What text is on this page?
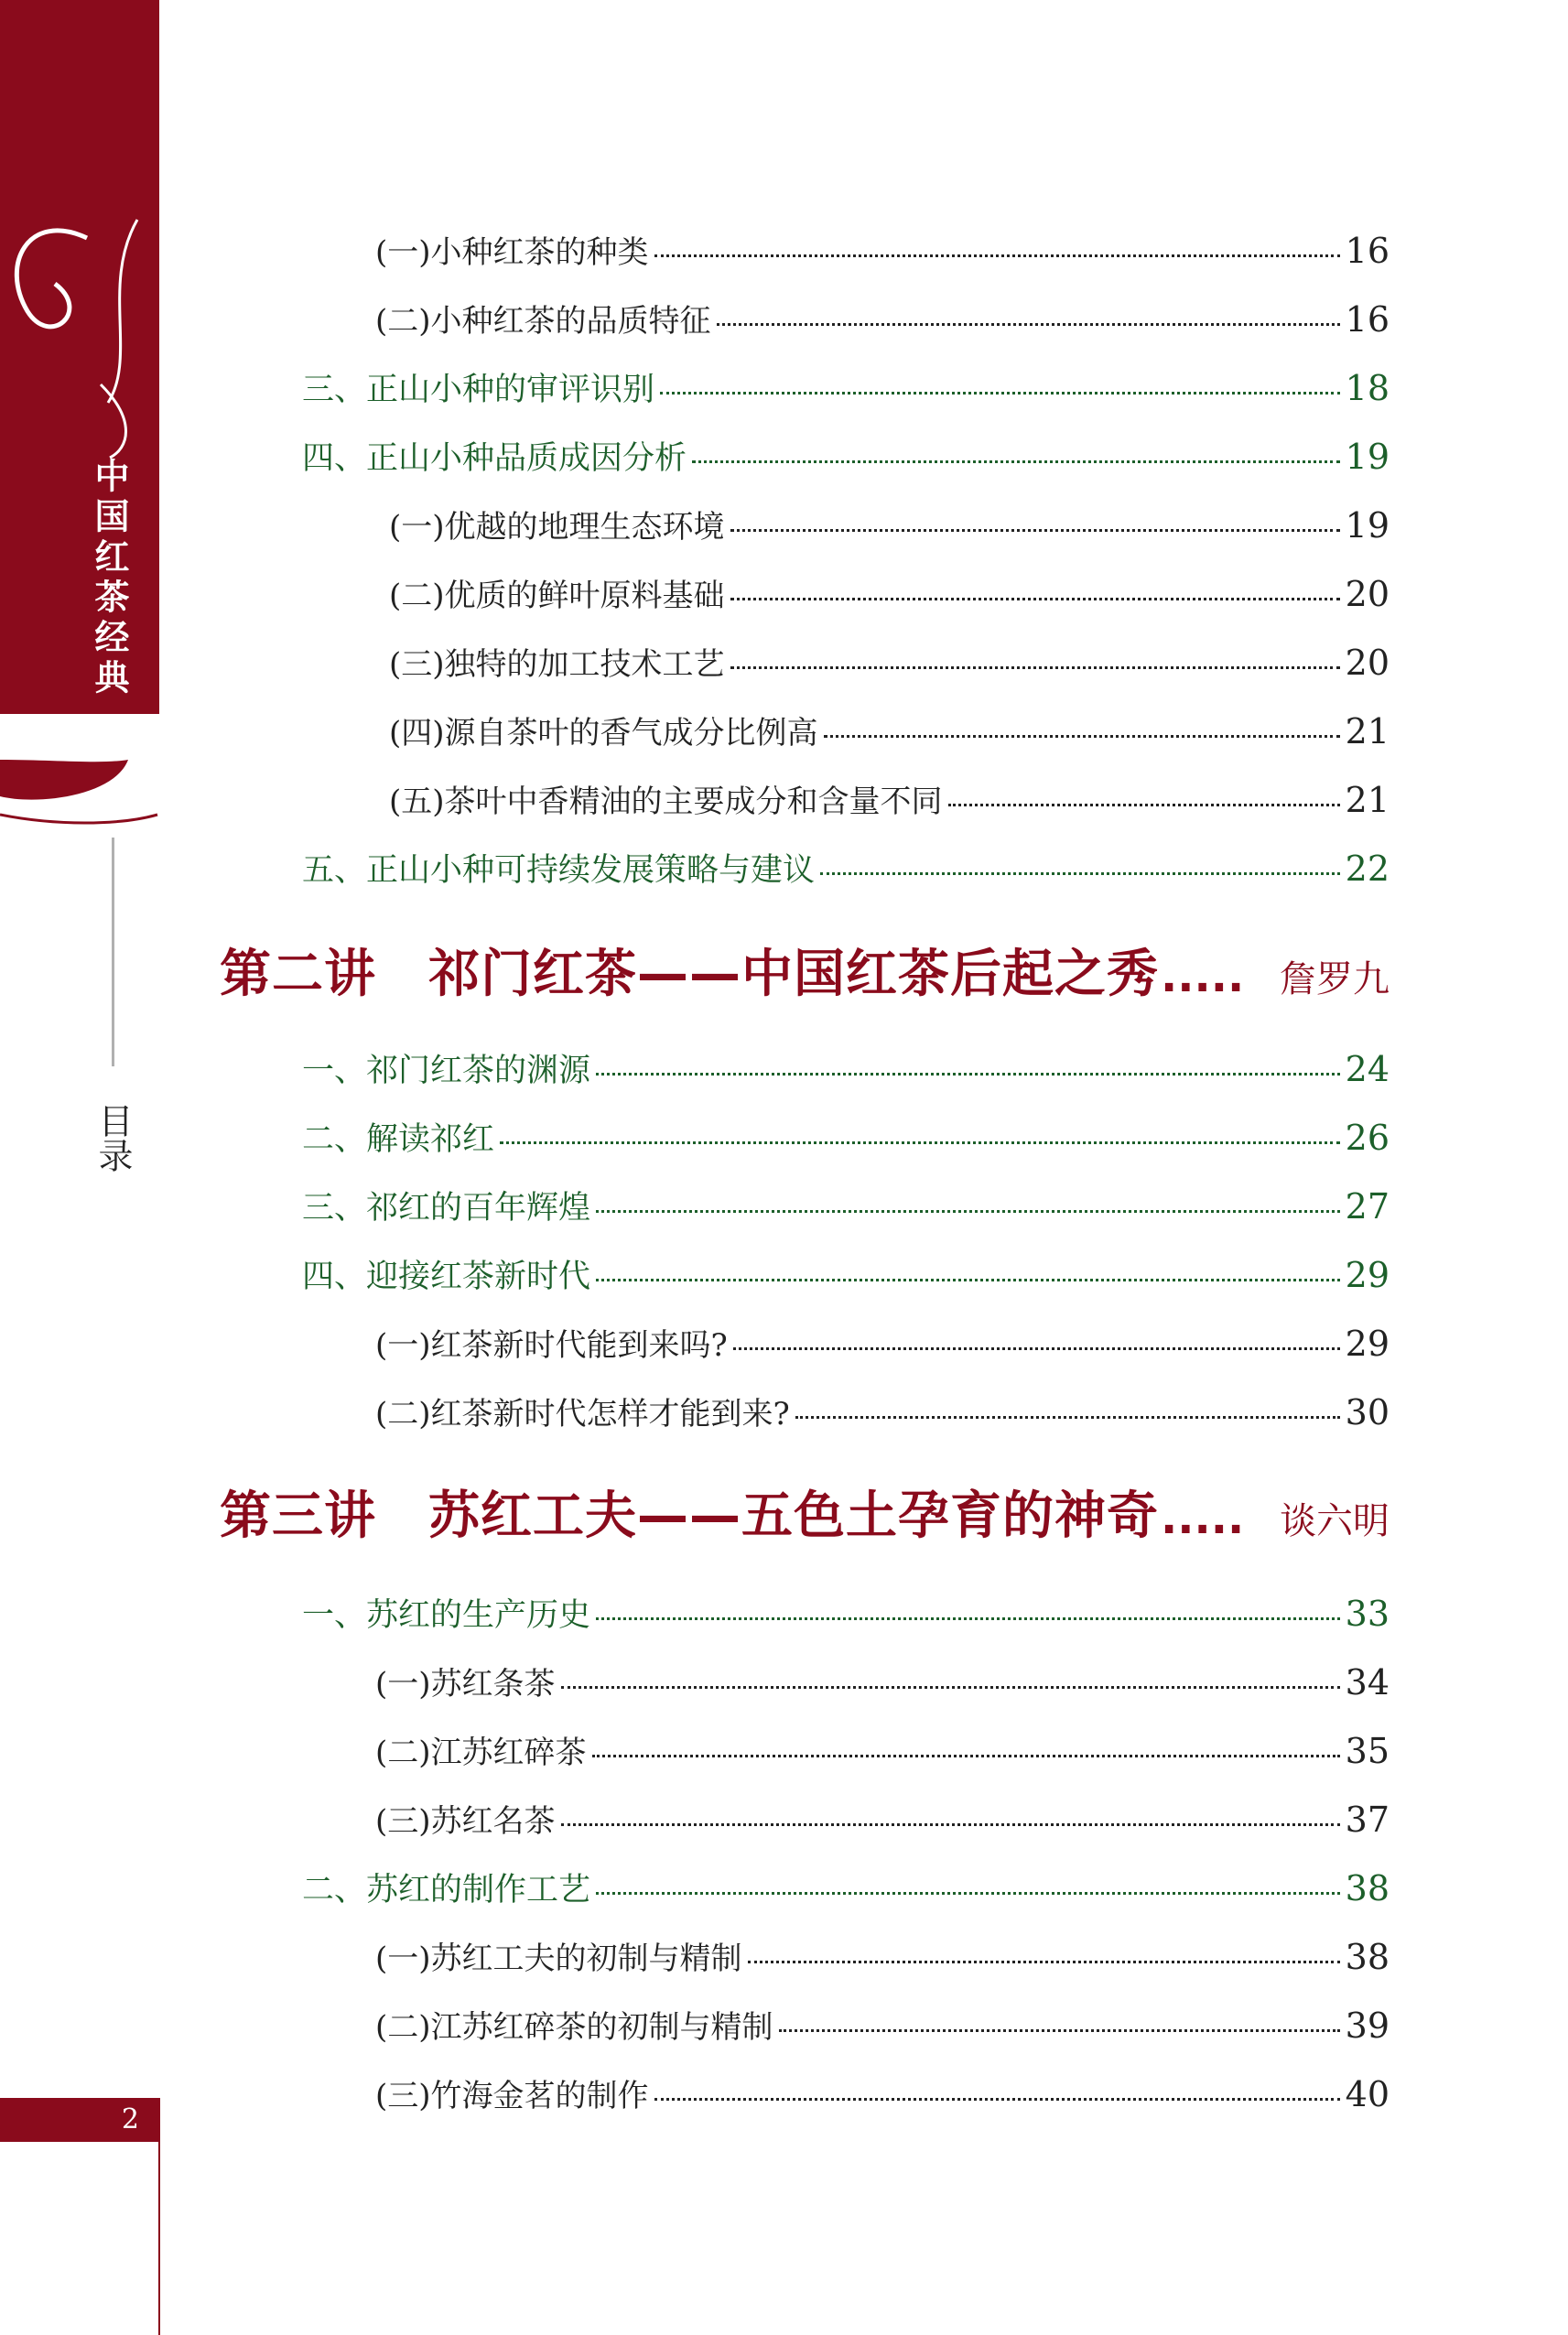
中国红茶经典
目录
2
(一)小种红茶的种类	16
(二)小种红茶的品质特征	16
三、正山小种的审评识别	18
四、正山小种品质成因分析	19
(一)优越的地理生态环境	19
(二)优质的鲜叶原料基础	20
(三)独特的加工技术工艺	20
(四)源自茶叶的香气成分比例高	21
(五)茶叶中香精油的主要成分和含量不同	21
五、正山小种可持续发展策略与建议	22
第二讲　祁门红茶——中国红茶后起之秀 ..... 詹罗九
一、祁门红茶的渊源	24
二、解读祁红	26
三、祁红的百年辉煌	27
四、迎接红茶新时代	29
(一)红茶新时代能到来吗?	29
(二)红茶新时代怎样才能到来?	30
第三讲　苏红工夫——五色土孕育的神奇 ..... 谈六明
一、苏红的生产历史	33
(一)苏红条茶	34
(二)江苏红碎茶	35
(三)苏红名茶	37
二、苏红的制作工艺	38
(一)苏红工夫的初制与精制	38
(二)江苏红碎茶的初制与精制	39
(三)竹海金茗的制作	40
